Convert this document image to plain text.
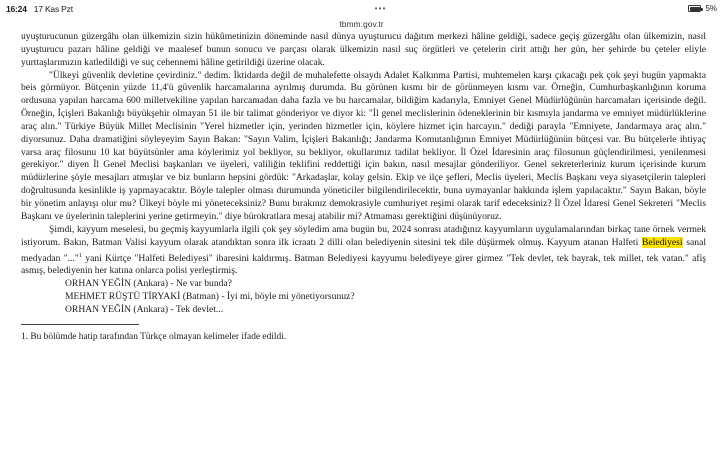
16:24 17 Kas Pzt	•••	5%
tbmm.gov.tr

uyuşturucunun güzergâhı olan ülkemizin sizin hükûmetinizin döneminde nasıl dünya uyuşturucu dağıtım merkezi hâline geldiği, sadece geçiş güzergâhı olan ülkemizin, nasıl uyuşturucu pazarı hâline geldiği ve maalesef bunun sonucu ve parçası olarak ülkemizin nasıl suç örgütleri ve çetelerin cirit attığı her gün, her şehirde bu çeteler eliyle yurttaşlarımızın katledildiği ve suç cehennemi hâline getirildiği üzerine olacak.

"Ülkeyi güvenlik devletine çevirdiniz." dedim. İktidarda değil de muhalefette olsaydı Adalet Kalkınma Partisi, muhtemelen karşı çıkacağı pek çok şeyi bugün yapmakta beis görmüyor. Bütçenin yüzde 11,4'ü güvenlik harcamalarına ayrılmış durumda. Bu görünen kısmı bir de görünmeyen kısmı var. Örneğin, Cumhurbaşkanlığının koruma ordusuna yapılan harcama 600 milletvekiline yapılan harcamadan daha fazla ve bu harcamalar, bildiğim kadarıyla, Emniyet Genel Müdürlüğünün harcamaları içerisinde değil. Örneğin, İçişleri Bakanlığı büyükşehir olmayan 51 ile bir talimat gönderiyor ve diyor ki: "İl genel meclislerinin ödeneklerinin bir kısmıyla jandarma ve emniyet müdürlüklerine araç alın." Türkiye Büyük Millet Meclisinin "Yerel hizmetler için, yerinden hizmetler için, köylere hizmet için harcayın." dediği parayla "Emniyete, Jandarmaya araç alın." diyorsunuz. Daha dramatiğini söyleyeyim Sayın Bakan: "Sayın Valim, İçişleri Bakanlığı; Jandarma Komutanlığının Emniyet Müdürlüğünün bütçesi var. Bu bütçelerle ihtiyaç varsa araç filosunu 10 kat büyütsünler ama köylerimiz yol bekliyor, su bekliyor, okullarımız tadilat bekliyor. İl Özel İdaresinin araç filosunun güçlendirilmesi, yenilenmesi gerekiyor." diyen İl Genel Meclisi başkanları ve üyeleri, valiliğin teklifini reddettiği için bakın, nasıl mesajlar gönderiliyor. Genel sekreterleriniz kurum içerisinde kurum müdürlerine şöyle mesajları atmışlar ve biz bunların hepsini gördük: "Arkadaşlar, kolay gelsin. Ekip ve ilçe şefleri, Meclis üyeleri, Meclis Başkanı veya siyasetçilerin talepleri doğrultusunda kesinlikle iş yapmayacaktır. Böyle talepler olması durumunda yöneticiler bilgilendirilecektir, buna uymayanlar hakkında işlem yapılacaktır." Sayın Bakan, böyle bir yönetim anlayışı olur mu? Ülkeyi böyle mi yöneteceksiniz? Bunu bırakınız demokrasiyle cumhuriyet reşimi olarak tarif edeceksiniz? İl Özel İdaresi Genel Sekreteri "Meclis Başkanı ve üyelerinin taleplerini yerine getirmeyin." diye bürokratlara mesaj atabilir mi? Atmaması gerektiğini düşünüyoruz.

Şimdi, kayyum meselesi, bu geçmiş kayyumlarla ilgili çok şey söyledim ama bugün bu, 2024 sonrası atadığınız kayyumların uygulamalarından birkaç tane örnek vermek istiyorum. Bakın, Batman Valisi kayyum olarak atandıktan sonra ilk icraatı 2 dilli olan belediyenin sitesini tek dile düşürmek olmuş. Kayyum atanan Halfeti Belediyesi sanal medyadan "..."$^1$ yani Kürtçe "Halfeti Belediyesi" ibaresini kaldırmış. Batman Belediyesi kayyumu belediyeye girer girmez "Tek devlet, tek bayrak, tek millet, tek vatan." afiş asmış, belediyenin her katına onlarca polisi yerleştirmiş.

ORHAN YEĞİN (Ankara) - Ne var bunda?
MEHMET RÜŞTÜ TİRYAKİ (Batman) - İyi mi, böyle mi yönetiyorsunuz?
ORHAN YEĞİN (Ankara) - Tek devlet...
1. Bu bölümde hatip tarafından Türkçe olmayan kelimeler ifade edildi.
